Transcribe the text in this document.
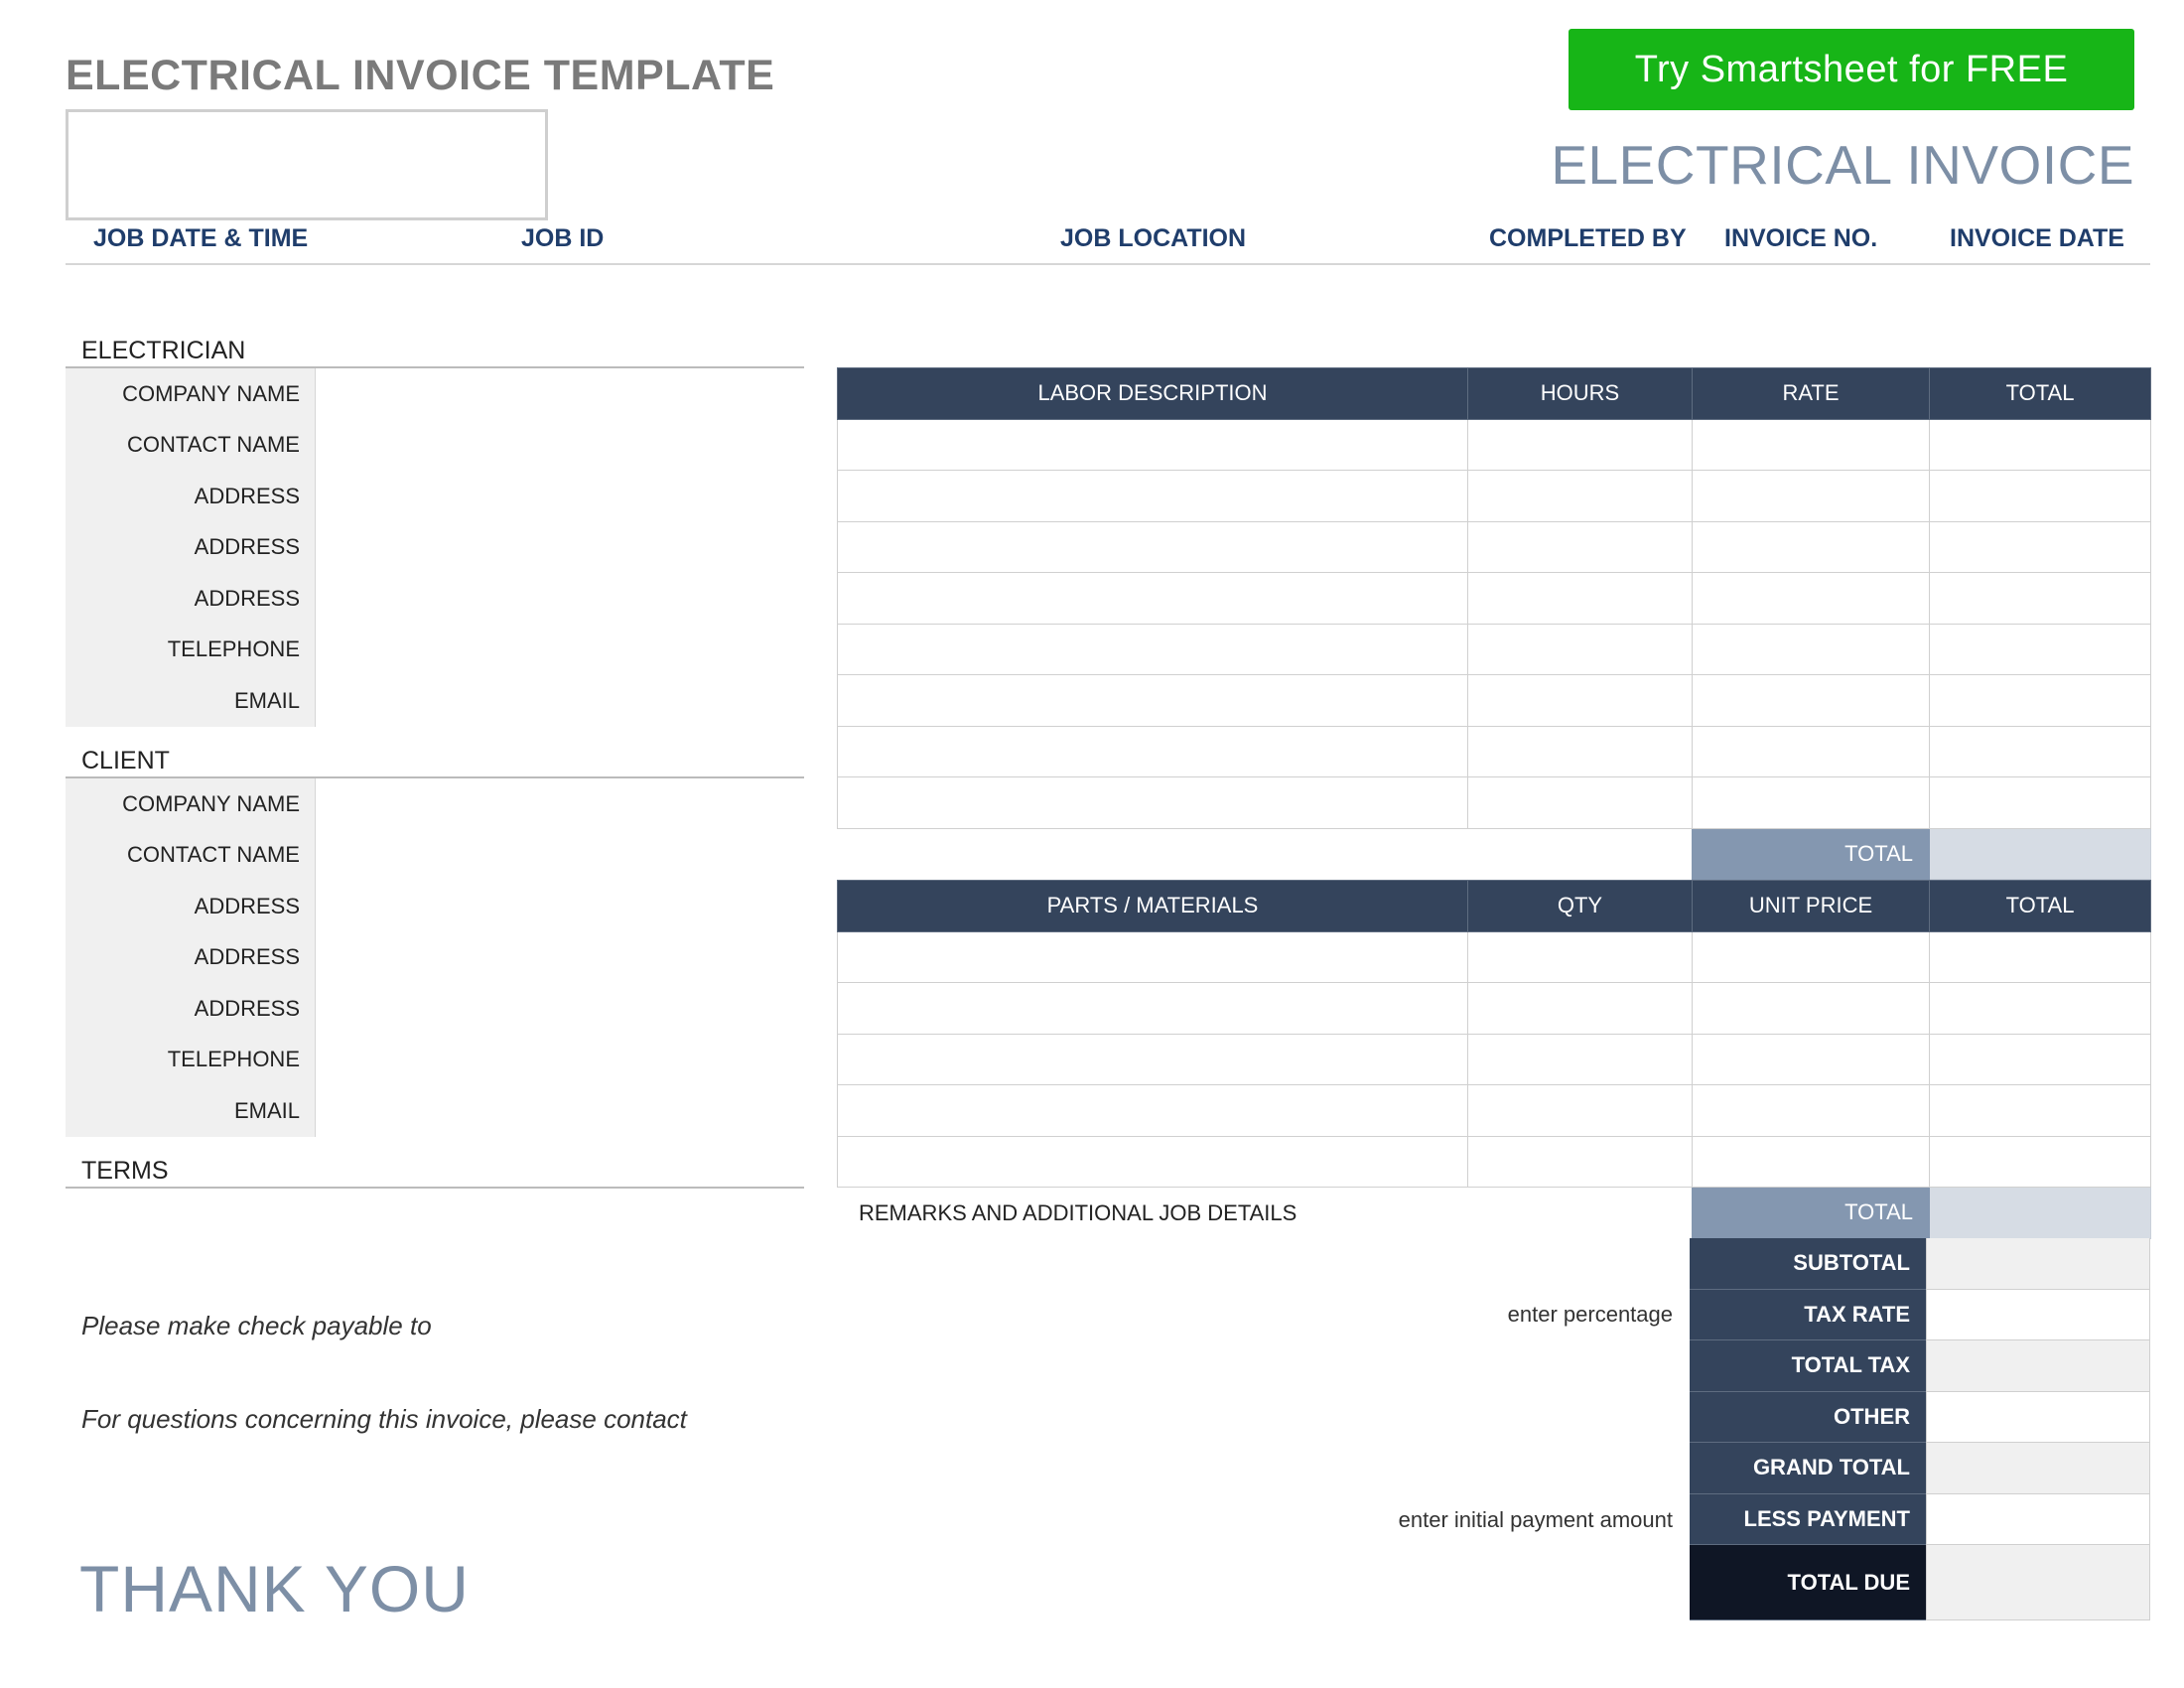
ELECTRICAL INVOICE TEMPLATE	Try Smartsheet for FREE
ELECTRICAL INVOICE
JOB DATE & TIME	JOB ID	JOB LOCATION	COMPLETED BY INVOICE NO.	INVOICE DATE
ELECTRICIAN
COMPANY NAME
CONTACT NAME
ADDRESS
ADDRESS
ADDRESS
TELEPHONE
EMAIL
CLIENT
COMPANY NAME
CONTACT NAME
ADDRESS
ADDRESS
ADDRESS
TELEPHONE
EMAIL
TERMS
Please make check payable to
For questions concerning this invoice, please contact
THANK YOU
LABOR DESCRIPTION	HOURS	RATE	TOTAL

		TOTAL	
PARTS / MATERIALS	QTY	UNIT PRICE	TOTAL

		TOTAL	
REMARKS AND ADDITIONAL JOB DETAILS
enter percentage
enter initial payment amount
SUBTOTAL
TAX RATE
TOTAL TAX
OTHER
GRAND TOTAL
LESS PAYMENT
TOTAL DUE
